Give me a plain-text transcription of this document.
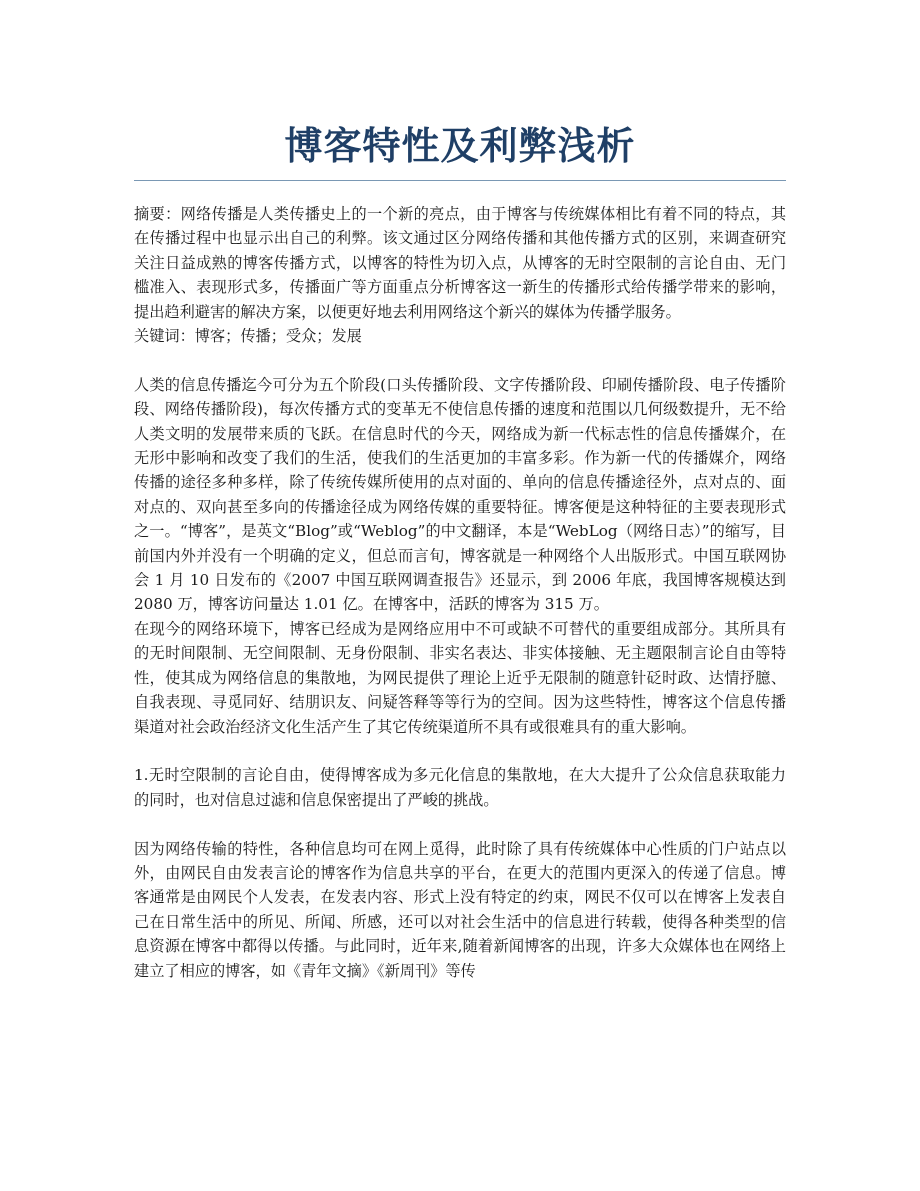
博客特性及利弊浅析

摘要：网络传播是人类传播史上的一个新的亮点，由于博客与传统媒体相比有着不同的特点，其在传播过程中也显示出自己的利弊。该文通过区分网络传播和其他传播方式的区别，来调查研究关注日益成熟的博客传播方式，以博客的特性为切入点，从博客的无时空限制的言论自由、无门槛准入、表现形式多，传播面广等方面重点分析博客这一新生的传播形式给传播学带来的影响，提出趋利避害的解决方案，以便更好地去利用网络这个新兴的媒体为传播学服务。

关键词：博客；传播；受众；发展

人类的信息传播迄今可分为五个阶段(口头传播阶段、文字传播阶段、印刷传播阶段、电子传播阶段、网络传播阶段)，每次传播方式的变革无不使信息传播的速度和范围以几何级数提升，无不给人类文明的发展带来质的飞跃。在信息时代的今天，网络成为新一代标志性的信息传播媒介，在无形中影响和改变了我们的生活，使我们的生活更加的丰富多彩。作为新一代的传播媒介，网络传播的途径多种多样，除了传统传媒所使用的点对面的、单向的信息传播途径外，点对点的、面对点的、双向甚至多向的传播途径成为网络传媒的重要特征。博客便是这种特征的主要表现形式之一。“博客”，是英文“Blog”或“Weblog”的中文翻译，本是“WebLog（网络日志）”的缩写，目前国内外并没有一个明确的定义，但总而言旬，博客就是一种网络个人出版形式。中国互联网协会 1 月 10 日发布的《2007 中国互联网调查报告》还显示，到 2006 年底，我国博客规模达到 2080 万，博客访问量达 1.01 亿。在博客中，活跃的博客为 315 万。

在现今的网络环境下，博客已经成为是网络应用中不可或缺不可替代的重要组成部分。其所具有的无时间限制、无空间限制、无身份限制、非实名表达、非实体接触、无主题限制言论自由等特性，使其成为网络信息的集散地，为网民提供了理论上近乎无限制的随意针砭时政、达情抒臆、自我表现、寻觅同好、结朋识友、问疑答释等等行为的空间。因为这些特性，博客这个信息传播渠道对社会政治经济文化生活产生了其它传统渠道所不具有或很难具有的重大影响。

1.无时空限制的言论自由，使得博客成为多元化信息的集散地，在大大提升了公众信息获取能力的同时，也对信息过滤和信息保密提出了严峻的挑战。

因为网络传输的特性，各种信息均可在网上觅得，此时除了具有传统媒体中心性质的门户站点以外，由网民自由发表言论的博客作为信息共享的平台，在更大的范围内更深入的传递了信息。博客通常是由网民个人发表，在发表内容、形式上没有特定的约束，网民不仅可以在博客上发表自己在日常生活中的所见、所闻、所感，还可以对社会生活中的信息进行转载，使得各种类型的信息资源在博客中都得以传播。与此同时，近年来,随着新闻博客的出现，许多大众媒体也在网络上建立了相应的博客，如《青年文摘》《新周刊》等传
